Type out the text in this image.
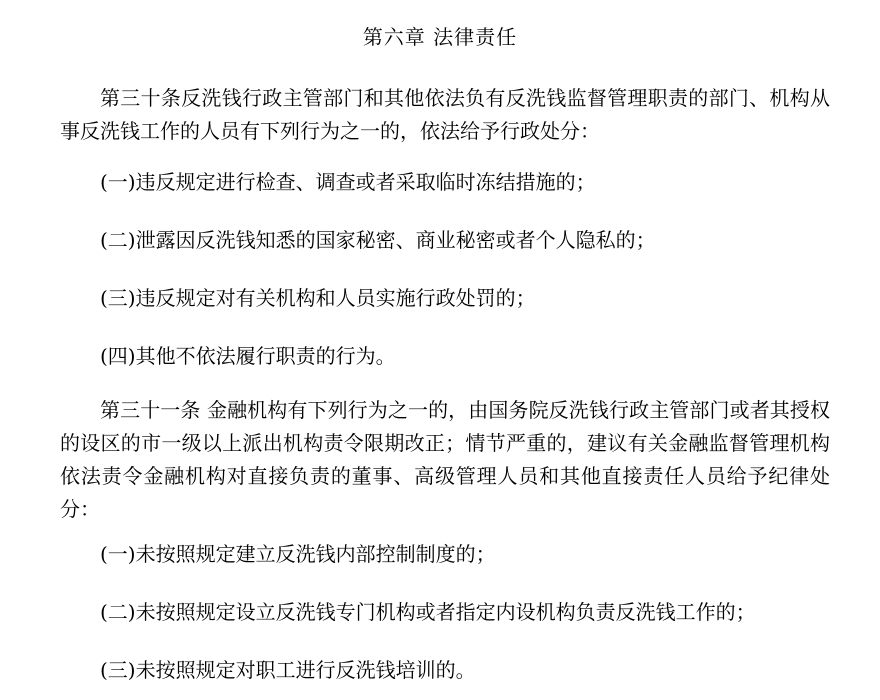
第六章 法律责任

第三十条反洗钱行政主管部门和其他依法负有反洗钱监督管理职责的部门、机构从事反洗钱工作的人员有下列行为之一的，依法给予行政处分：

(一)违反规定进行检查、调查或者采取临时冻结措施的；

(二)泄露因反洗钱知悉的国家秘密、商业秘密或者个人隐私的；

(三)违反规定对有关机构和人员实施行政处罚的；

(四)其他不依法履行职责的行为。

第三十一条 金融机构有下列行为之一的，由国务院反洗钱行政主管部门或者其授权的设区的市一级以上派出机构责令限期改正；情节严重的，建议有关金融监督管理机构依法责令金融机构对直接负责的董事、高级管理人员和其他直接责任人员给予纪律处分：

(一)未按照规定建立反洗钱内部控制制度的；

(二)未按照规定设立反洗钱专门机构或者指定内设机构负责反洗钱工作的；

(三)未按照规定对职工进行反洗钱培训的。
